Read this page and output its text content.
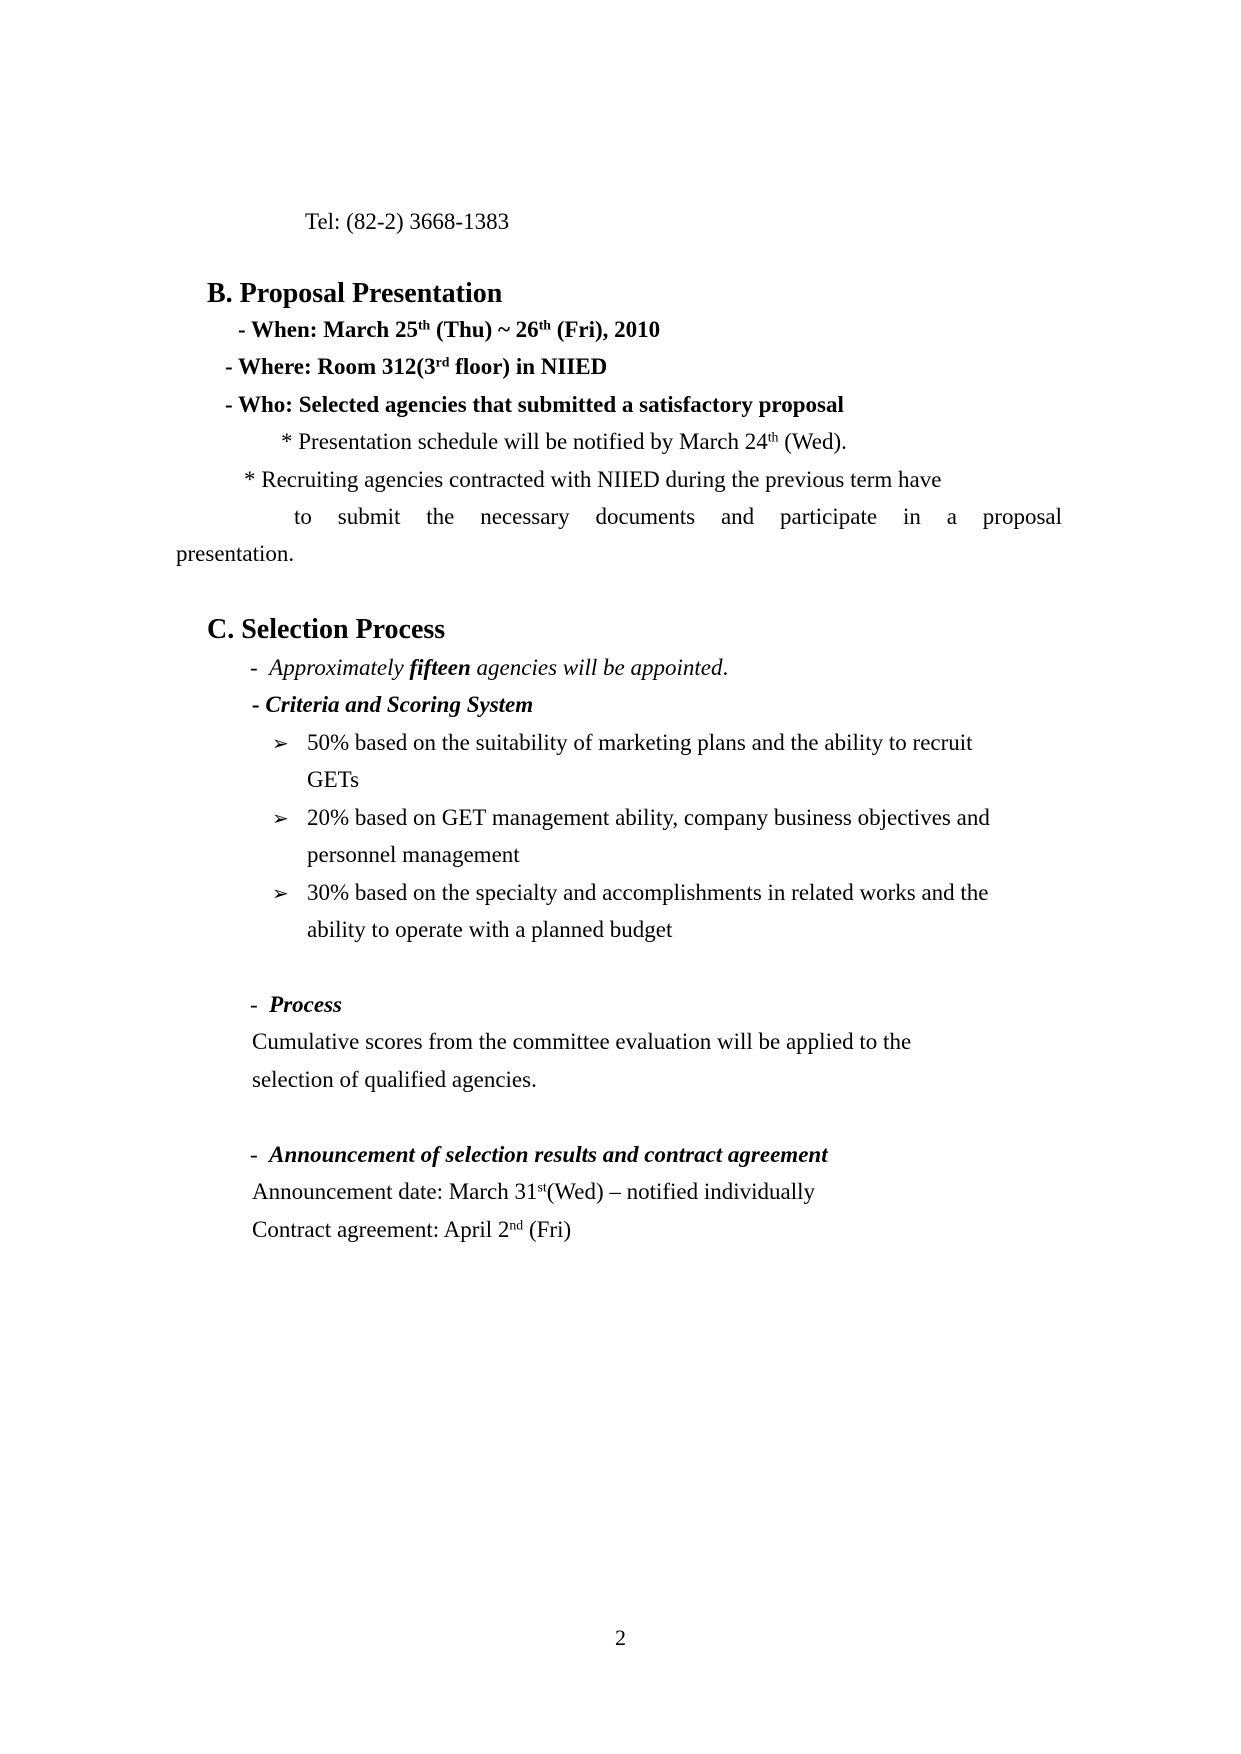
Tel: (82-2) 3668-1383
B. Proposal Presentation
- When: March 25th (Thu) ~ 26th (Fri), 2010
- Where: Room 312(3rd floor) in NIIED
- Who: Selected agencies that submitted a satisfactory proposal
* Presentation schedule will be notified by March 24th (Wed).
* Recruiting agencies contracted with NIIED during the previous term have
to submit the necessary documents and participate in a proposal
presentation.
C. Selection Process
- Approximately fifteen agencies will be appointed.
- Criteria and Scoring System
➢ 50% based on the suitability of marketing plans and the ability to recruit
GETs
➢ 20% based on GET management ability, company business objectives and
personnel management
➢ 30% based on the specialty and accomplishments in related works and the
ability to operate with a planned budget
- Process
Cumulative scores from the committee evaluation will be applied to the
selection of qualified agencies.
- Announcement of selection results and contract agreement
Announcement date: March 31st(Wed) – notified individually
Contract agreement: April 2nd (Fri)
2
